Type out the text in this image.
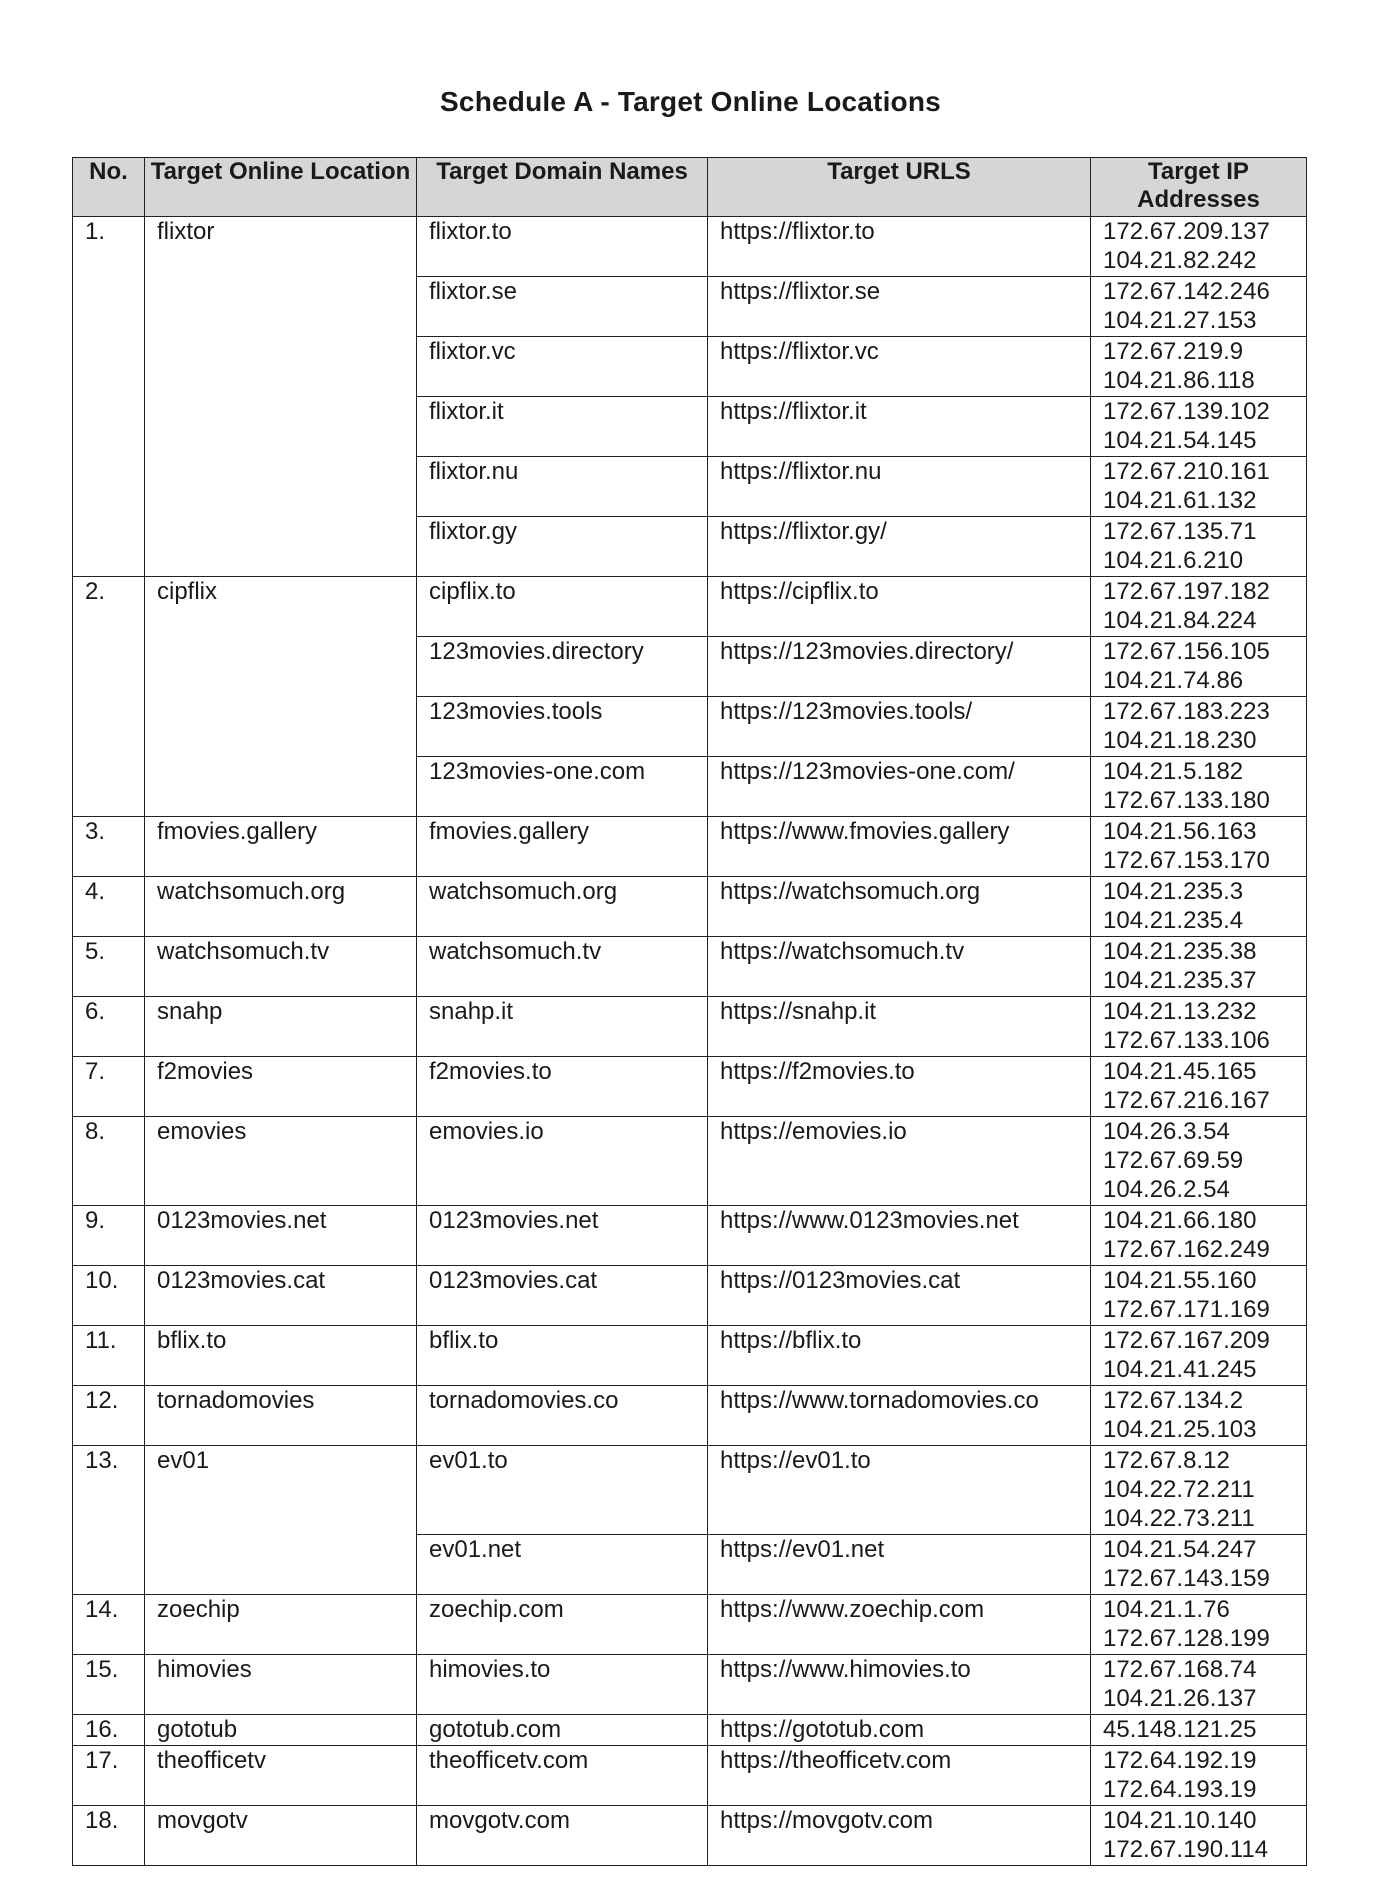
Schedule A - Target Online Locations
No.	Target Online Location	Target Domain Names	Target URLS	Target IP Addresses
1.	flixtor	flixtor.to	https://flixtor.to	172.67.209.137
104.21.82.242

		flixtor.se	https://flixtor.se	172.67.142.246
104.21.27.153

		flixtor.vc	https://flixtor.vc	172.67.219.9
104.21.86.118

		flixtor.it	https://flixtor.it	172.67.139.102
104.21.54.145

		flixtor.nu	https://flixtor.nu	172.67.210.161
104.21.61.132

		flixtor.gy	https://flixtor.gy/	172.67.135.71
104.21.6.210

2.	cipflix	cipflix.to	https://cipflix.to	172.67.197.182
104.21.84.224

		123movies.directory	https://123movies.directory/	172.67.156.105
104.21.74.86

		123movies.tools	https://123movies.tools/	172.67.183.223
104.21.18.230

		123movies-one.com	https://123movies-one.com/	104.21.5.182
172.67.133.180

3.	fmovies.gallery	fmovies.gallery	https://www.fmovies.gallery	104.21.56.163
172.67.153.170

4.	watchsomuch.org	watchsomuch.org	https://watchsomuch.org	104.21.235.3
104.21.235.4

5.	watchsomuch.tv	watchsomuch.tv	https://watchsomuch.tv	104.21.235.38
104.21.235.37

6.	snahp	snahp.it	https://snahp.it	104.21.13.232
172.67.133.106

7.	f2movies	f2movies.to	https://f2movies.to	104.21.45.165
172.67.216.167

8.	emovies	emovies.io	https://emovies.io	104.26.3.54
172.67.69.59
104.26.2.54

9.	0123movies.net	0123movies.net	https://www.0123movies.net	104.21.66.180
172.67.162.249

10.	0123movies.cat	0123movies.cat	https://0123movies.cat	104.21.55.160
172.67.171.169

11.	bflix.to	bflix.to	https://bflix.to	172.67.167.209
104.21.41.245

12.	tornadomovies	tornadomovies.co	https://www.tornadomovies.co	172.67.134.2
104.21.25.103

13.	ev01	ev01.to	https://ev01.to	172.67.8.12
104.22.72.211
104.22.73.211

		ev01.net	https://ev01.net	104.21.54.247
172.67.143.159

14.	zoechip	zoechip.com	https://www.zoechip.com	104.21.1.76
172.67.128.199

15.	himovies	himovies.to	https://www.himovies.to	172.67.168.74
104.21.26.137

16.	gototub	gototub.com	https://gototub.com	45.148.121.25

17.	theofficetv	theofficetv.com	https://theofficetv.com	172.64.192.19
172.64.193.19

18.	movgotv	movgotv.com	https://movgotv.com	104.21.10.140
172.67.190.114
